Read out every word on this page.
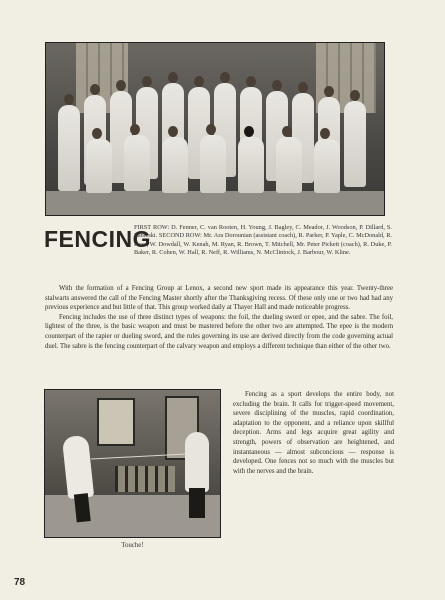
FENCING

FIRST ROW: D. Fenner, C. van Rooten, H. Young, J. Bagley, C. Meador, J. Woodson, P. Dillard, S. Zanieski. SECOND ROW: Mr. Ara Dorounian (assistant coach), R. Parker, P. Yaple, C. McDonald, R. Koss, W. Dowdall, W. Kenah, M. Ryan, R. Brown, T. Mitchell, Mr. Peter Pickett (coach), R. Duke, P. Baker, R. Cohen, W. Hall, R. Neff, R. Williams, N. McClintock, J. Barbour, W. Kline.

With the formation of a Fencing Group at Lenox, a second new sport made its appearance this year. Twenty-three stalwarts answered the call of the Fencing Master shortly after the Thanksgiving recess. Of these only one or two had had any previous experience and but little of that. This group worked daily at Thayer Hall and made noticeable progress.

Fencing includes the use of three distinct types of weapons: the foil, the dueling sword or epee, and the sabre. The foil, lightest of the three, is the basic weapon and must be mastered before the other two are attempted. The epee is the modern counterpart of the rapier or dueling sword, and the rules governing its use are derived directly from the code governing actual duel. The sabre is the fencing counterpart of the calvary weapon and employs a different technique than either of the other two.

Touche!

Fencing as a sport develops the entire body, not excluding the brain. It calls for trigger-speed movement, severe disciplining of the muscles, rapid coordination, adaptation to the opponent, and a reliance upon skillful deception. Arms and legs acquire great agility and strength, powers of observation are heightened, and instantaneous — almost subconcious — response is developed. One fences not so much with the muscles but with the nerves and the brain.

78
